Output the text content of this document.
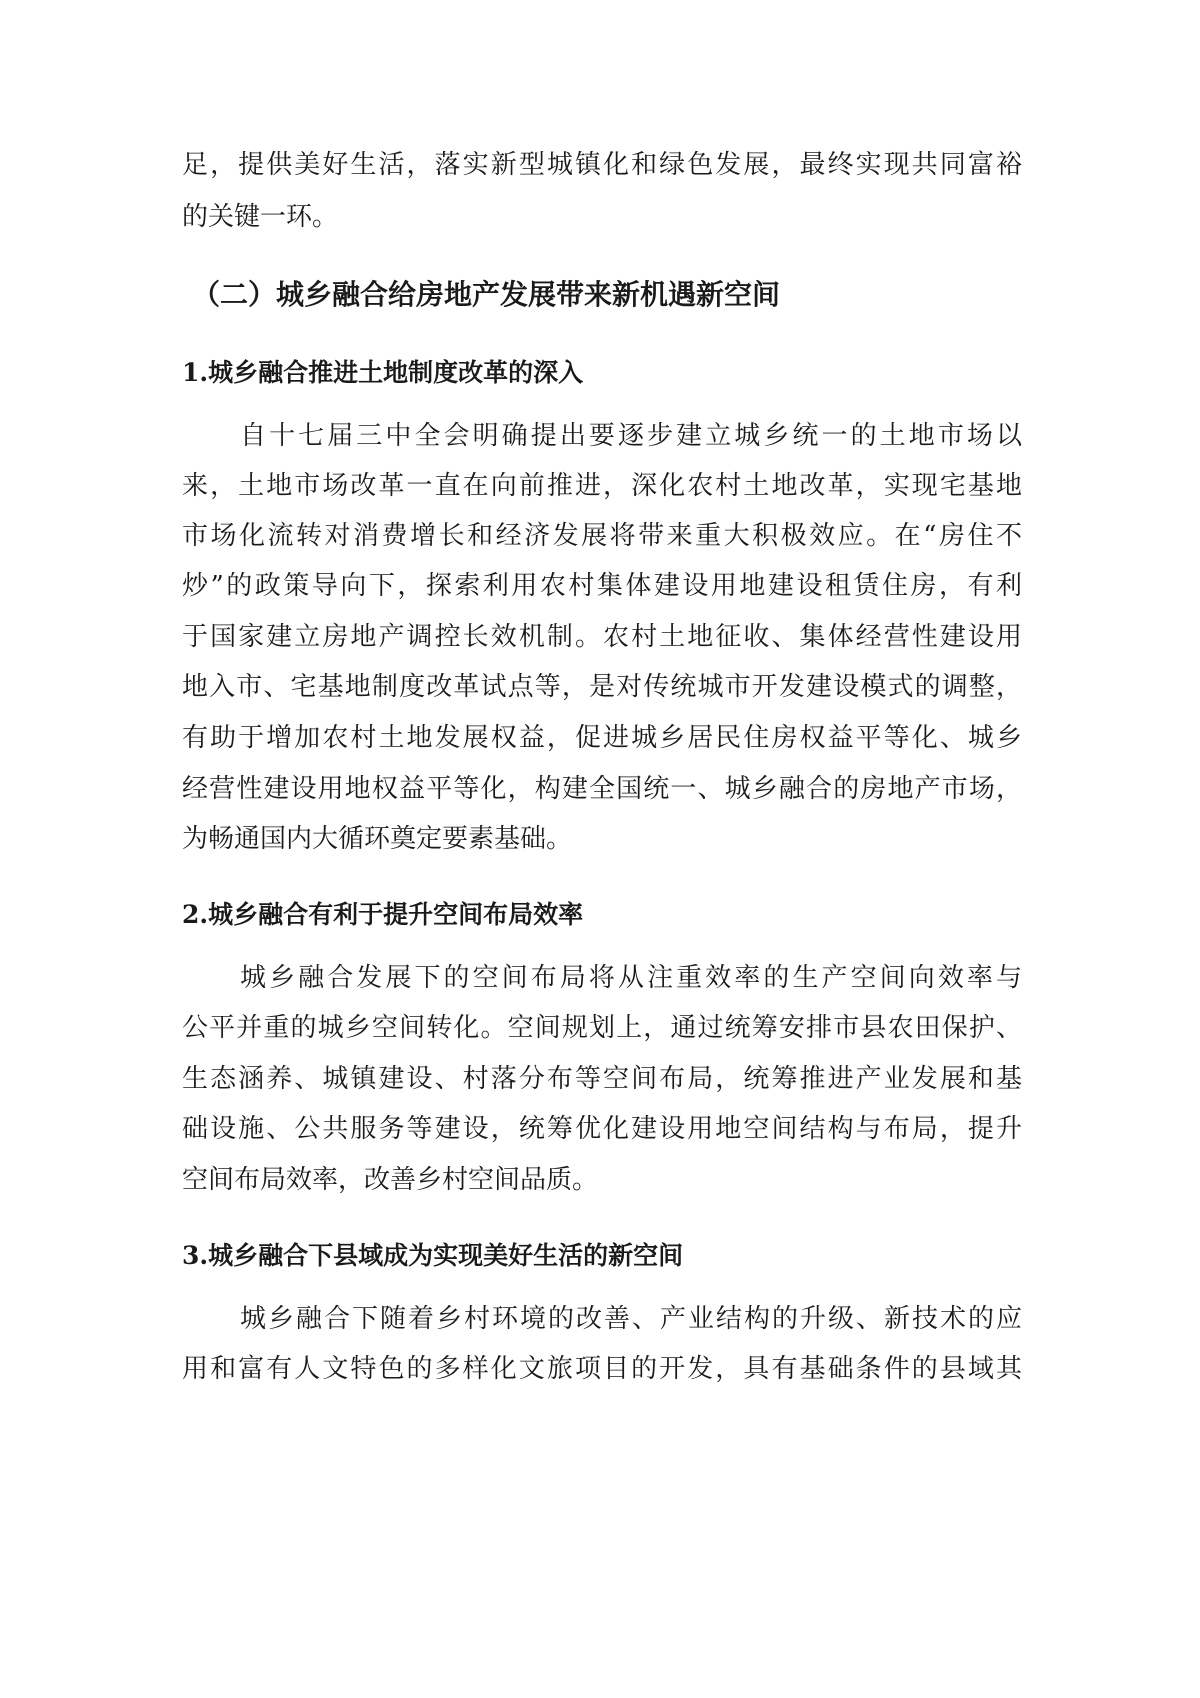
足，提供美好生活，落实新型城镇化和绿色发展，最终实现共同富裕
的关键一环。
（二）城乡融合给房地产发展带来新机遇新空间
1.城乡融合推进土地制度改革的深入
自十七届三中全会明确提出要逐步建立城乡统一的土地市场以
来，土地市场改革一直在向前推进，深化农村土地改革，实现宅基地
市场化流转对消费增长和经济发展将带来重大积极效应。在“房住不
炒”的政策导向下，探索利用农村集体建设用地建设租赁住房，有利
于国家建立房地产调控长效机制。农村土地征收、集体经营性建设用
地入市、宅基地制度改革试点等，是对传统城市开发建设模式的调整，
有助于增加农村土地发展权益，促进城乡居民住房权益平等化、城乡
经营性建设用地权益平等化，构建全国统一、城乡融合的房地产市场，
为畅通国内大循环奠定要素基础。
2.城乡融合有利于提升空间布局效率
城乡融合发展下的空间布局将从注重效率的生产空间向效率与
公平并重的城乡空间转化。空间规划上，通过统筹安排市县农田保护、
生态涵养、城镇建设、村落分布等空间布局，统筹推进产业发展和基
础设施、公共服务等建设，统筹优化建设用地空间结构与布局，提升
空间布局效率，改善乡村空间品质。
3.城乡融合下县域成为实现美好生活的新空间
城乡融合下随着乡村环境的改善、产业结构的升级、新技术的应
用和富有人文特色的多样化文旅项目的开发，具有基础条件的县域其
